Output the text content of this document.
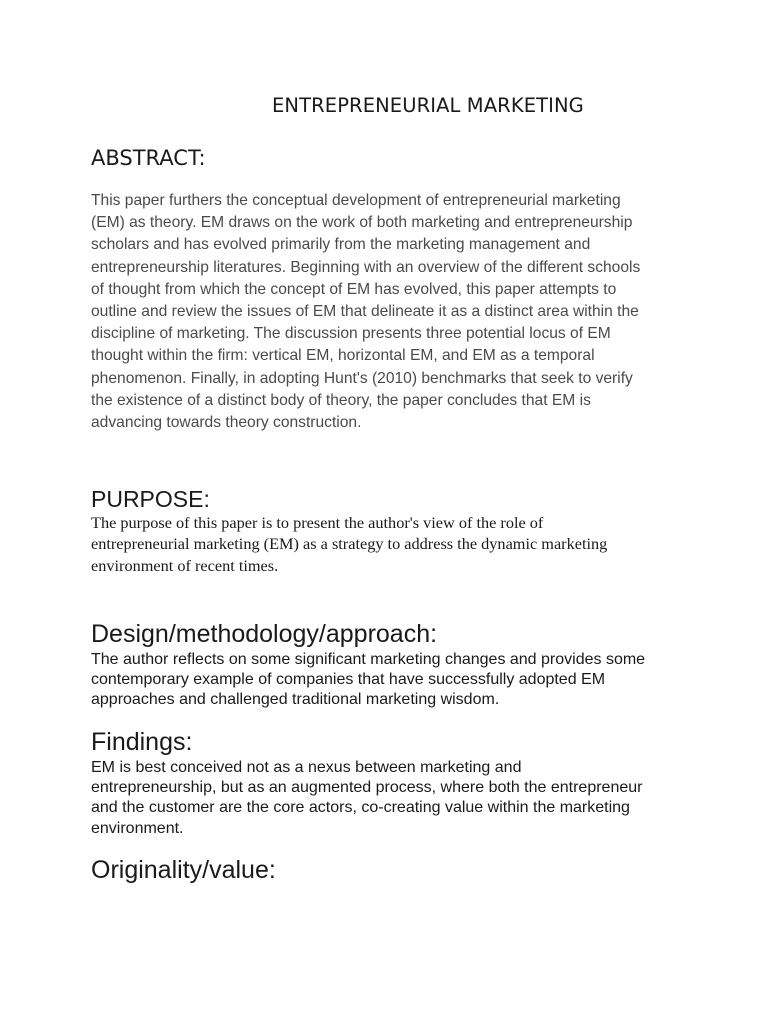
ENTREPRENEURIAL MARKETING
ABSTRACT:

This paper furthers the conceptual development of entrepreneurial marketing
(EM) as theory. EM draws on the work of both marketing and entrepreneurship
scholars and has evolved primarily from the marketing management and
entrepreneurship literatures. Beginning with an overview of the different schools
of thought from which the concept of EM has evolved, this paper attempts to
outline and review the issues of EM that delineate it as a distinct area within the
discipline of marketing. The discussion presents three potential locus of EM
thought within the firm: vertical EM, horizontal EM, and EM as a temporal
phenomenon. Finally, in adopting Hunt's (2010) benchmarks that seek to verify
the existence of a distinct body of theory, the paper concludes that EM is
advancing towards theory construction.

PURPOSE:

The purpose of this paper is to present the author's view of the role of
entrepreneurial marketing (EM) as a strategy to address the dynamic marketing
environment of recent times.

Design/methodology/approach:

The author reflects on some significant marketing changes and provides some
contemporary example of companies that have successfully adopted EM
approaches and challenged traditional marketing wisdom.

Findings:

EM is best conceived not as a nexus between marketing and
entrepreneurship, but as an augmented process, where both the entrepreneur
and the customer are the core actors, co-creating value within the marketing
environment.

Originality/value:
